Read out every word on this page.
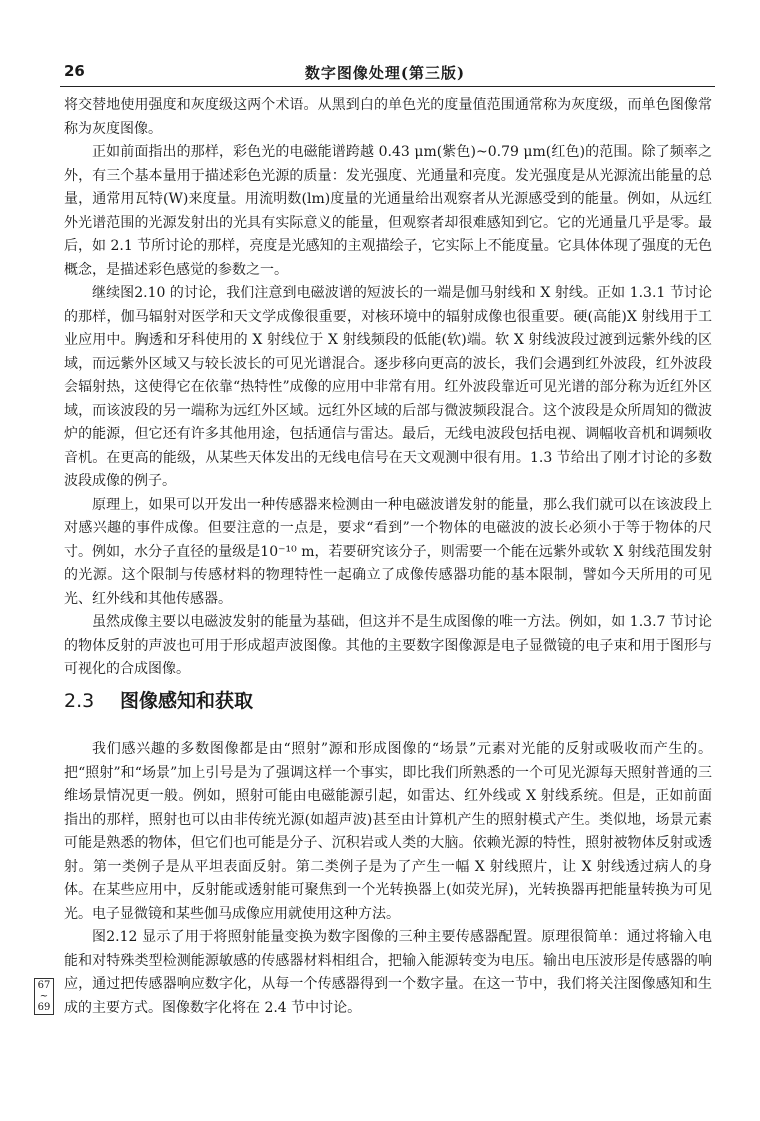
26	数字图像处理(第三版)

将交替地使用强度和灰度级这两个术语。从黑到白的单色光的度量值范围通常称为灰度级，而单色图像常称为灰度图像。

正如前面指出的那样，彩色光的电磁能谱跨越 0.43 μm(紫色)~0.79 μm(红色)的范围。除了频率之外，有三个基本量用于描述彩色光源的质量：发光强度、光通量和亮度。发光强度是从光源流出能量的总量，通常用瓦特(W)来度量。用流明数(lm)度量的光通量给出观察者从光源感受到的能量。例如，从远红外光谱范围的光源发射出的光具有实际意义的能量，但观察者却很难感知到它。它的光通量几乎是零。最后，如 2.1 节所讨论的那样，亮度是光感知的主观描绘子，它实际上不能度量。它具体体现了强度的无色概念，是描述彩色感觉的参数之一。

继续图2.10 的讨论，我们注意到电磁波谱的短波长的一端是伽马射线和 X 射线。正如 1.3.1 节讨论的那样，伽马辐射对医学和天文学成像很重要，对核环境中的辐射成像也很重要。硬(高能)X 射线用于工业应用中。胸透和牙科使用的 X 射线位于 X 射线频段的低能(软)端。软 X 射线波段过渡到远紫外线的区域，而远紫外区域又与较长波长的可见光谱混合。逐步移向更高的波长，我们会遇到红外波段，红外波段会辐射热，这使得它在依靠“热特性”成像的应用中非常有用。红外波段靠近可见光谱的部分称为近红外区域，而该波段的另一端称为远红外区域。远红外区域的后部与微波频段混合。这个波段是众所周知的微波炉的能源，但它还有许多其他用途，包括通信与雷达。最后，无线电波段包括电视、调幅收音机和调频收音机。在更高的能级，从某些天体发出的无线电信号在天文观测中很有用。1.3 节给出了刚才讨论的多数波段成像的例子。

原理上，如果可以开发出一种传感器来检测由一种电磁波谱发射的能量，那么我们就可以在该波段上对感兴趣的事件成像。但要注意的一点是，要求“看到”一个物体的电磁波的波长必须小于等于物体的尺寸。例如，水分子直径的量级是10⁻¹⁰ m，若要研究该分子，则需要一个能在远紫外或软 X 射线范围发射的光源。这个限制与传感材料的物理特性一起确立了成像传感器功能的基本限制，譬如今天所用的可见光、红外线和其他传感器。

虽然成像主要以电磁波发射的能量为基础，但这并不是生成图像的唯一方法。例如，如 1.3.7 节讨论的物体反射的声波也可用于形成超声波图像。其他的主要数字图像源是电子显微镜的电子束和用于图形与可视化的合成图像。

2.3 图像感知和获取

我们感兴趣的多数图像都是由“照射”源和形成图像的“场景”元素对光能的反射或吸收而产生的。把“照射”和“场景”加上引号是为了强调这样一个事实，即比我们所熟悉的一个可见光源每天照射普通的三维场景情况更一般。例如，照射可能由电磁能源引起，如雷达、红外线或 X 射线系统。但是，正如前面指出的那样，照射也可以由非传统光源(如超声波)甚至由计算机产生的照射模式产生。类似地，场景元素可能是熟悉的物体，但它们也可能是分子、沉积岩或人类的大脑。依赖光源的特性，照射被物体反射或透射。第一类例子是从平坦表面反射。第二类例子是为了产生一幅 X 射线照片，让 X 射线透过病人的身体。在某些应用中，反射能或透射能可聚焦到一个光转换器上(如荧光屏)，光转换器再把能量转换为可见光。电子显微镜和某些伽马成像应用就使用这种方法。

图2.12 显示了用于将照射能量变换为数字图像的三种主要传感器配置。原理很简单：通过将输入电能和对特殊类型检测能源敏感的传感器材料相组合，把输入能源转变为电压。输出电压波形是传感器的响应，通过把传感器响应数字化，从每一个传感器得到一个数字量。在这一节中，我们将关注图像感知和生成的主要方式。图像数字化将在 2.4 节中讨论。

67
~
69
